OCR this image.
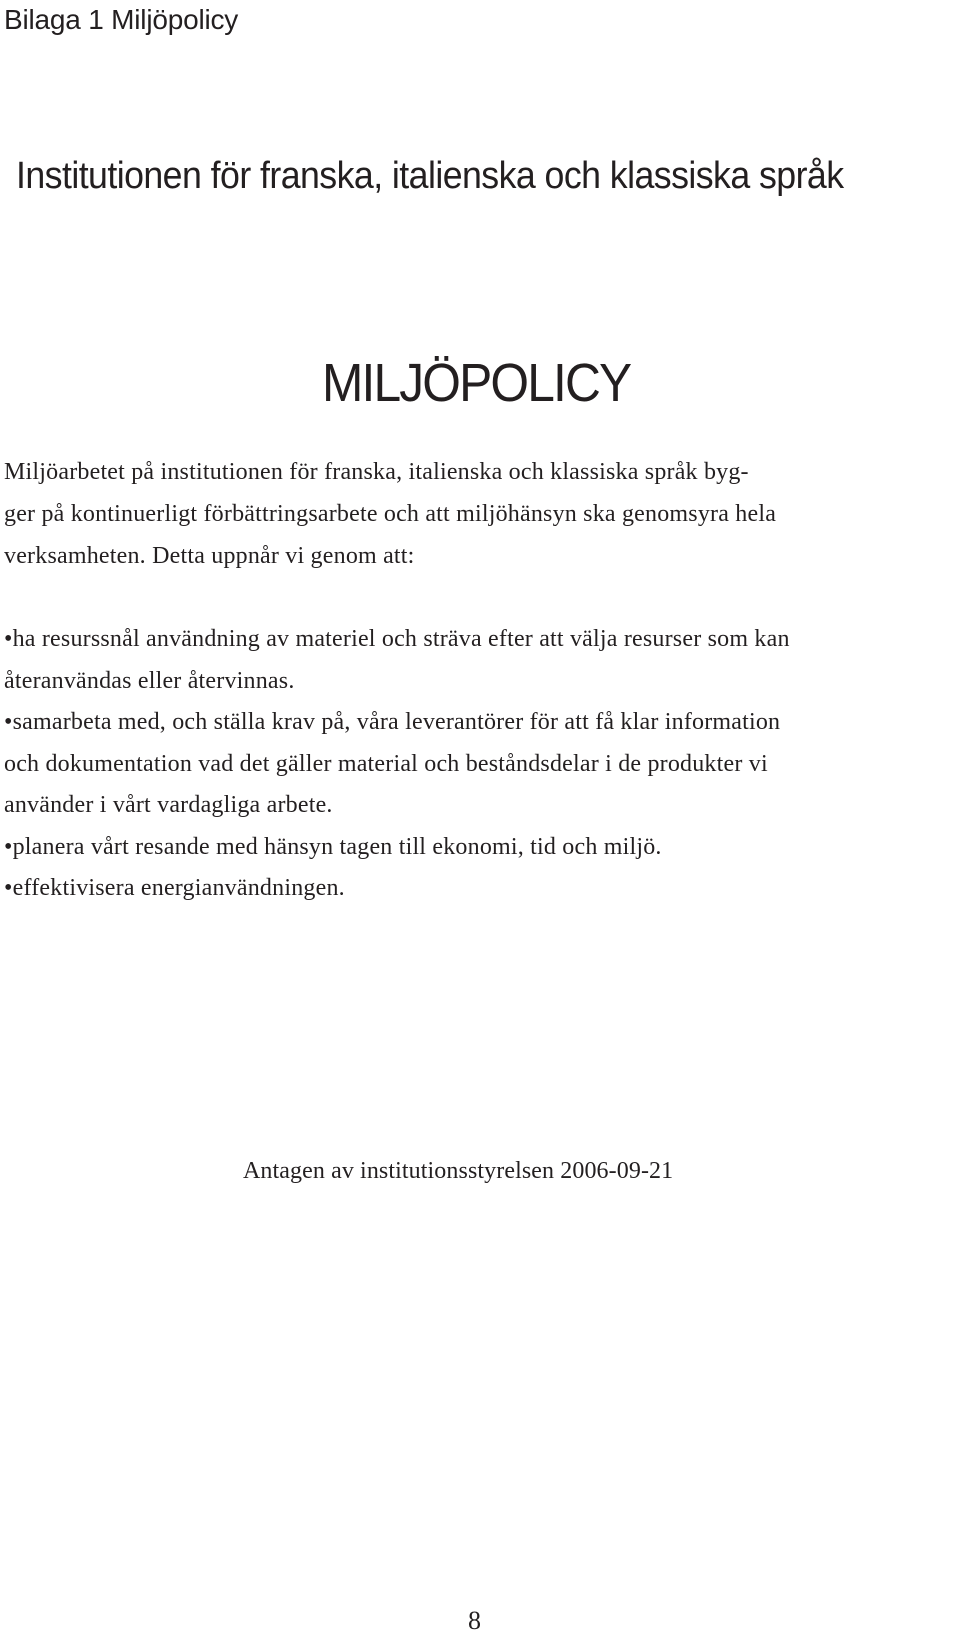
Bilaga 1 Miljöpolicy
Institutionen för franska, italienska och klassiska språk
MILJÖPOLICY
Miljöarbetet på institutionen för franska, italienska och klassiska språk byg-
ger på kontinuerligt förbättringsarbete och att miljöhänsyn ska genomsyra hela
verksamheten. Detta uppnår vi genom att:
•ha resurssnål användning av materiel och sträva efter att välja resurser som kan
återanvändas eller återvinnas.
•samarbeta med, och ställa krav på, våra leverantörer för att få klar information
och dokumentation vad det gäller material och beståndsdelar i de produkter vi
använder i vårt vardagliga arbete.
•planera vårt resande med hänsyn tagen till ekonomi, tid och miljö.
•effektivisera energianvändningen.
Antagen av institutionsstyrelsen 2006-09-21
8
